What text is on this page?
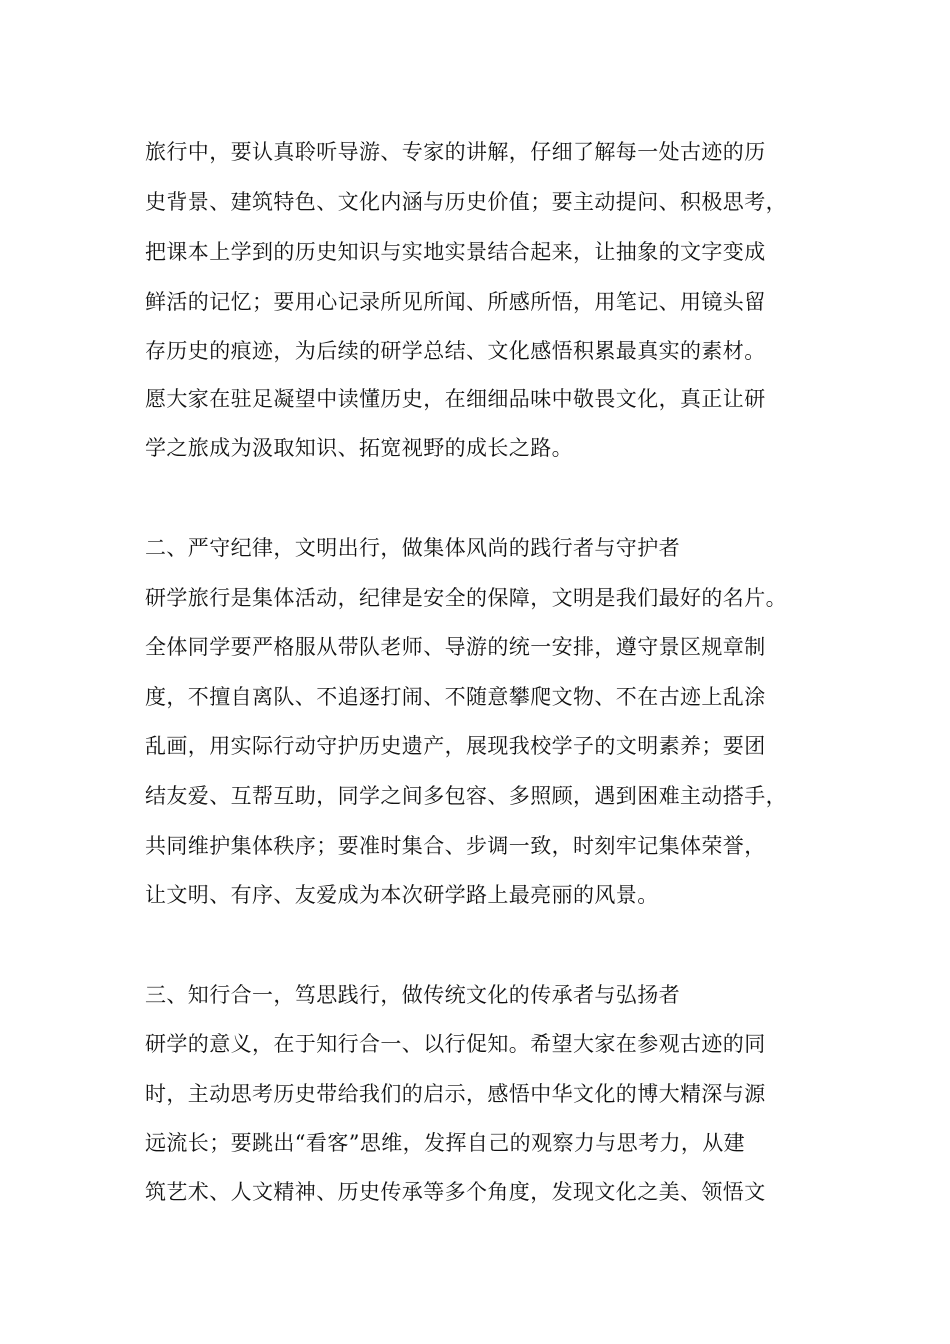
旅行中，要认真聆听导游、专家的讲解，仔细了解每一处古迹的历
史背景、建筑特色、文化内涵与历史价值；要主动提问、积极思考，
把课本上学到的历史知识与实地实景结合起来，让抽象的文字变成
鲜活的记忆；要用心记录所见所闻、所感所悟，用笔记、用镜头留
存历史的痕迹，为后续的研学总结、文化感悟积累最真实的素材。
愿大家在驻足凝望中读懂历史，在细细品味中敬畏文化，真正让研
学之旅成为汲取知识、拓宽视野的成长之路。
二、严守纪律，文明出行，做集体风尚的践行者与守护者
研学旅行是集体活动，纪律是安全的保障，文明是我们最好的名片。
全体同学要严格服从带队老师、导游的统一安排，遵守景区规章制
度，不擅自离队、不追逐打闹、不随意攀爬文物、不在古迹上乱涂
乱画，用实际行动守护历史遗产，展现我校学子的文明素养；要团
结友爱、互帮互助，同学之间多包容、多照顾，遇到困难主动搭手，
共同维护集体秩序；要准时集合、步调一致，时刻牢记集体荣誉，
让文明、有序、友爱成为本次研学路上最亮丽的风景。
三、知行合一，笃思践行，做传统文化的传承者与弘扬者
研学的意义，在于知行合一、以行促知。希望大家在参观古迹的同
时，主动思考历史带给我们的启示，感悟中华文化的博大精深与源
远流长；要跳出“看客”思维，发挥自己的观察力与思考力，从建
筑艺术、人文精神、历史传承等多个角度，发现文化之美、领悟文
